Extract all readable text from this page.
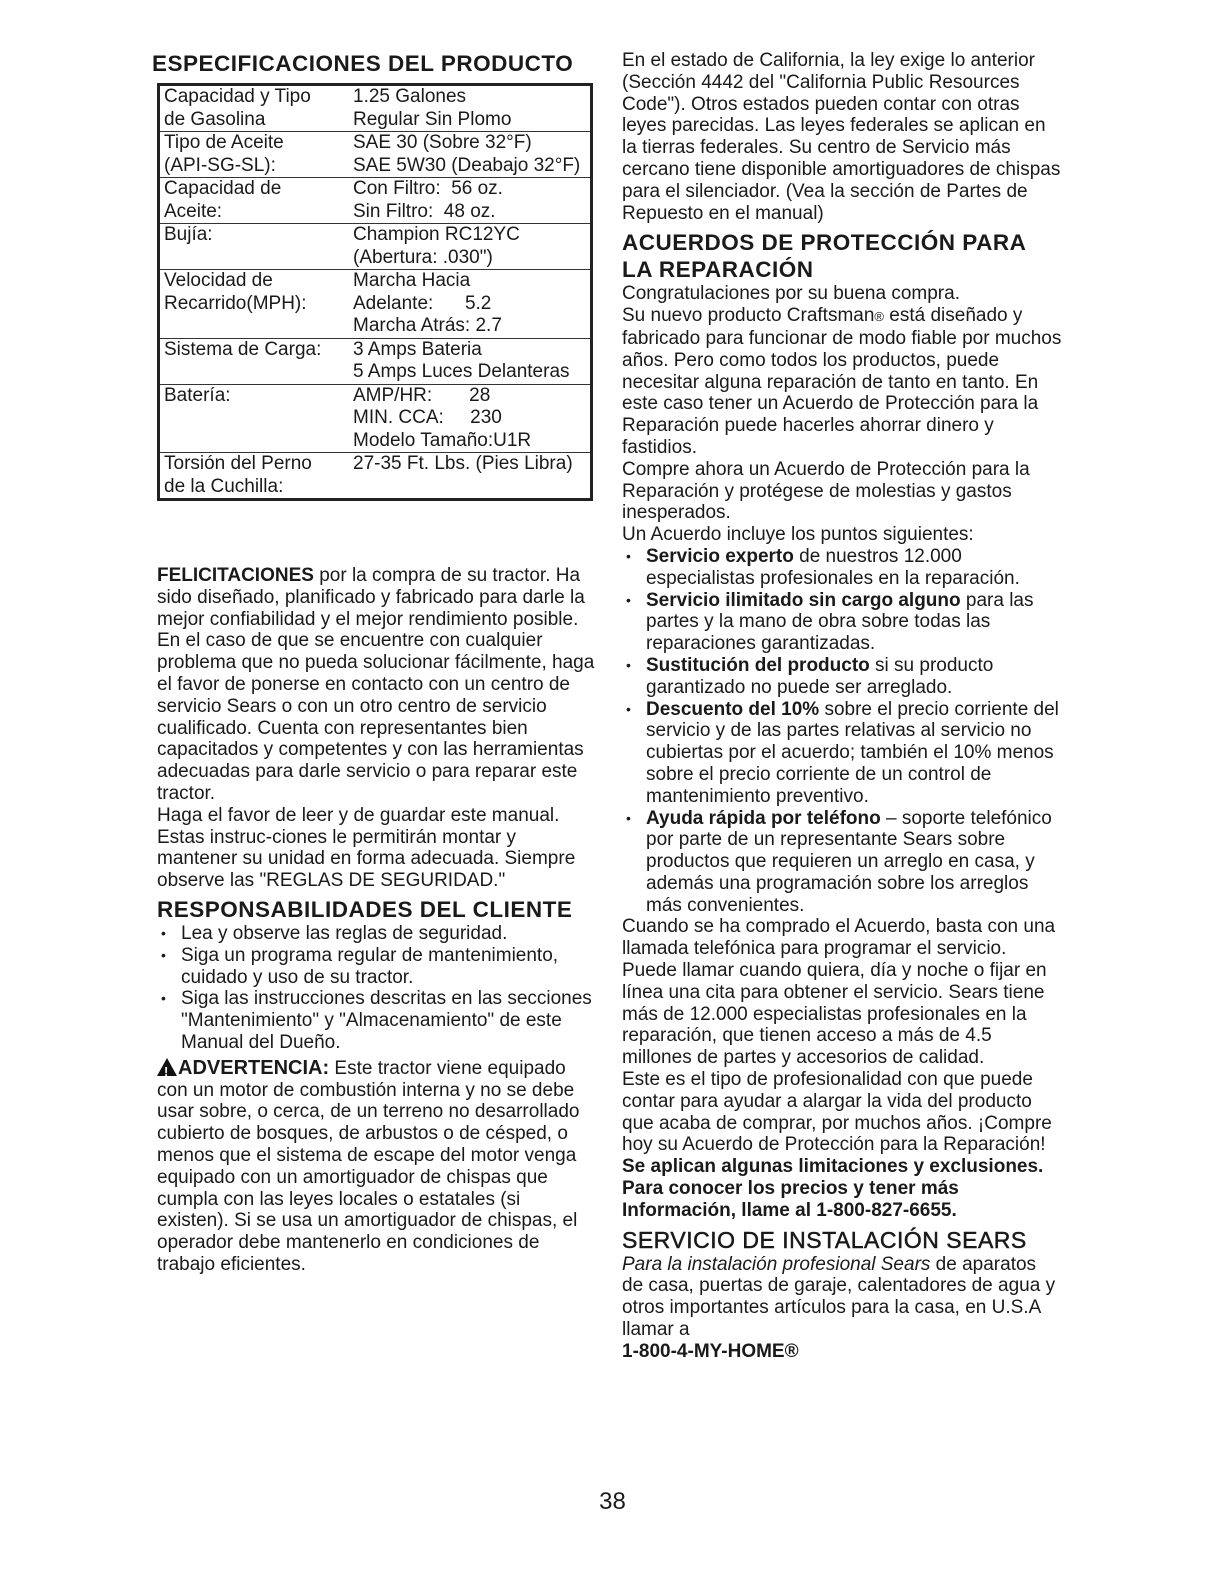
ESPECIFICACIONES DEL PRODUCTO
Capacidad y Tipo
de Gasolina	1.25 Galones
Regular Sin Plomo

Tipo de Aceite
(API-SG-SL):	SAE 30 (Sobre 32°F)
SAE 5W30 (Deabajo 32°F)

Capacidad de
Aceite:	Con Filtro:  56 oz.
Sin Filtro:  48 oz.

Bujía:	Champion RC12YC
(Abertura: .030")

Velocidad de
Recarrido(MPH):	Marcha Hacia
Adelante:      5.2
Marcha Atrás: 2.7

Sistema de Carga:	3 Amps Bateria
5 Amps Luces Delanteras

Batería:	AMP/HR:       28
MIN. CCA:     230
Modelo Tamaño:U1R

Torsión del Perno
de la Cuchilla:	27-35 Ft. Lbs. (Pies Libra)

FELICITACIONES por la compra de su tractor. Ha sido diseñado, planificado y fabricado para darle la mejor confiabilidad y el mejor rendimiento posible.

En el caso de que se encuentre con cualquier problema que no pueda solucionar fácilmente, haga el favor de ponerse en contacto con un centro de servicio Sears o con un otro centro de servicio cualificado. Cuenta con representantes bien capacitados y competentes y con las herramientas adecuadas para darle servicio o para reparar este tractor.

Haga el favor de leer y de guardar este manual. Estas instruc-ciones le permitirán montar y mantener su unidad en forma adecuada. Siempre observe las "REGLAS DE SEGURIDAD."

RESPONSABILIDADES DEL CLIENTE
• Lea y observe las reglas de seguridad.
• Siga un programa regular de mantenimiento, cuidado y uso de su tractor.
• Siga las instrucciones descritas en las secciones "Mantenimiento" y "Almacenamiento" de este Manual del Dueño.

!ADVERTENCIA: Este tractor viene equipado con un motor de combustión interna y no se debe usar sobre, o cerca, de un terreno no desarrollado cubierto de bosques, de arbustos o de césped, o menos que el sistema de escape del motor venga equipado con un amortiguador de chispas que cumpla con las leyes locales o estatales (si existen). Si se usa un amortiguador de chispas, el operador debe mantenerlo en condiciones de trabajo eficientes.

En el estado de California, la ley exige lo anterior (Sección 4442 del "California Public Resources Code"). Otros estados pueden contar con otras leyes parecidas. Las leyes federales se aplican en la tierras federales. Su centro de Servicio más cercano tiene disponible amortiguadores de chispas para el silenciador. (Vea la sección de Partes de Repuesto en el manual)

ACUERDOS DE PROTECCIÓN PARA
LA REPARACIÓN

Congratulaciones por su buena compra.

Su nuevo producto Craftsman® está diseñado y fabricado para funcionar de modo fiable por muchos años. Pero como todos los productos, puede necesitar alguna reparación de tanto en tanto. En este caso tener un Acuerdo de Protección para la Reparación puede hacerles ahorrar dinero y fastidios.

Compre ahora un Acuerdo de Protección para la Reparación y protégese de molestias y gastos inesperados.

Un Acuerdo incluye los puntos siguientes:

• Servicio experto de nuestros 12.000 especialistas profesionales en la reparación.
• Servicio ilimitado sin cargo alguno para las partes y la mano de obra sobre todas las reparaciones garantizadas.
• Sustitución del producto si su producto garantizado no puede ser arreglado.
• Descuento del 10% sobre el precio corriente del servicio y de las partes relativas al servicio no cubiertas por el acuerdo; también el 10% menos sobre el precio corriente de un control de mantenimiento preventivo.
• Ayuda rápida por teléfono – soporte telefónico por parte de un representante Sears sobre productos que requieren un arreglo en casa, y además una programación sobre los arreglos más convenientes.

Cuando se ha comprado el Acuerdo, basta con una llamada telefónica para programar el servicio. Puede llamar cuando quiera, día y noche o fijar en línea una cita para obtener el servicio. Sears tiene más de 12.000 especialistas profesionales en la reparación, que tienen acceso a más de 4.5 millones de partes y accesorios de calidad.

Este es el tipo de profesionalidad con que puede contar para ayudar a alargar la vida del producto que acaba de comprar, por muchos años. ¡Compre hoy su Acuerdo de Protección para la Reparación!

Se aplican algunas limitaciones y exclusiones. Para conocer los precios y tener más Información, llame al 1-800-827-6655.

SERVICIO DE INSTALACIÓN SEARS

Para la instalación profesional Sears de aparatos de casa, puertas de garaje, calentadores de agua y otros importantes artículos para la casa, en U.S.A llamar a

1-800-4-MY-HOME®

38
